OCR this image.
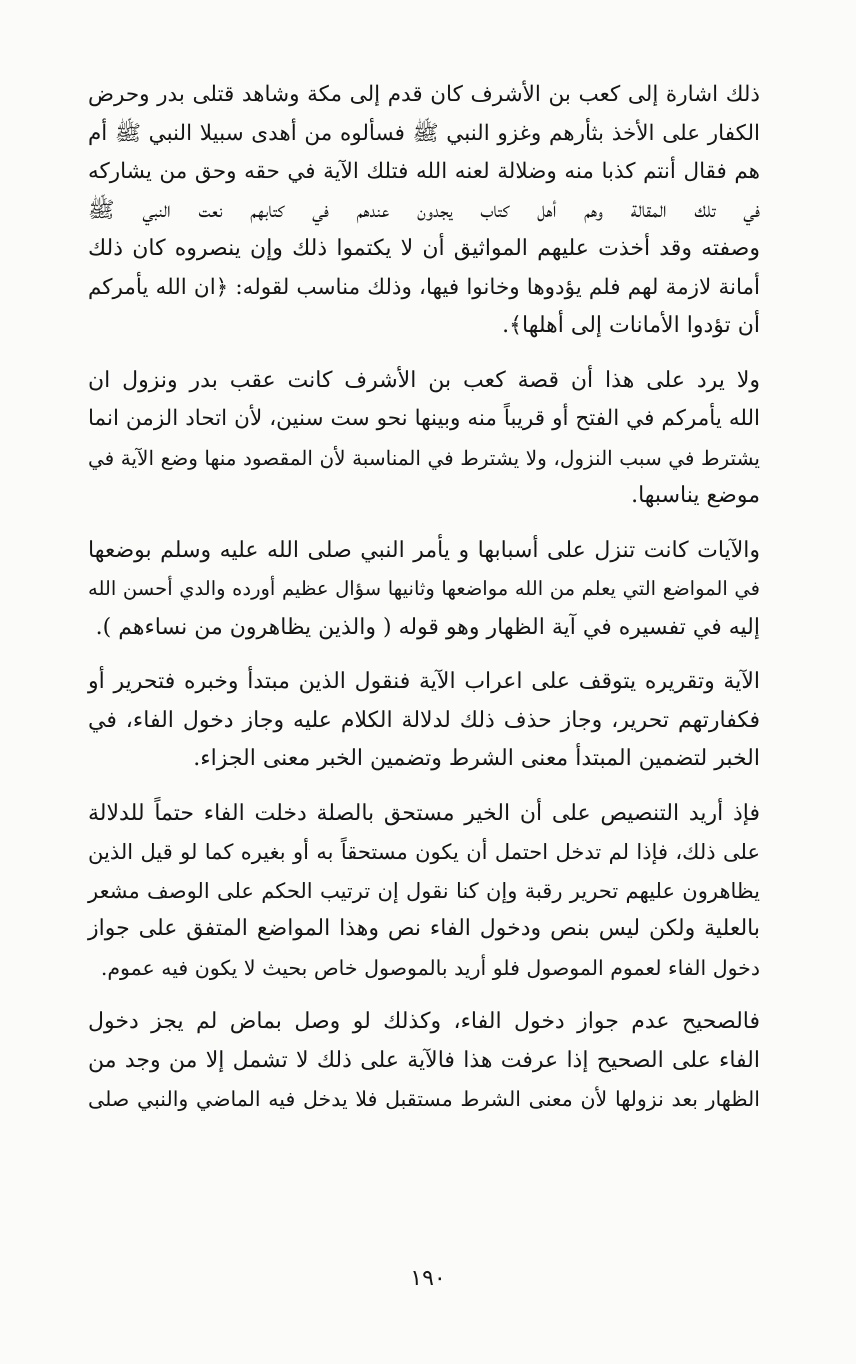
ذلك اشارة إلى كعب بن الأشرف كان قدم إلى مكة وشاهد قتلى بدر وحرض
الكفار على الأخذ بثأرهم وغزو النبي ﷺ فسألوه من أهدى سبيلا النبي ﷺ أم
هم فقال أنتم كذبا منه وضلالة لعنه الله فتلك الآية في حقه وحق من يشاركه
في تلك المقالة وهم أهل كتاب يجدون عندهم في كتابهم نعت النبي ﷺ
وصفته وقد أخذت عليهم المواثيق أن لا يكتموا ذلك وإن ينصروه كان ذلك
أمانة لازمة لهم فلم يؤدوها وخانوا فيها، وذلك مناسب لقوله: ﴿ان الله يأمركم
أن تؤدوا الأمانات إلى أهلها﴾.
ولا يرد على هذا أن قصة كعب بن الأشرف كانت عقب بدر ونزول ان
الله يأمركم في الفتح أو قريباً منه وبينها نحو ست سنين، لأن اتحاد الزمن انما
يشترط في سبب النزول، ولا يشترط في المناسبة لأن المقصود منها وضع الآية في
موضع يناسبها.
والآيات كانت تنزل على أسبابها و يأمر النبي صلى الله عليه وسلم بوضعها
في المواضع التي يعلم من الله مواضعها وثانيها سؤال عظيم أورده والدي أحسن الله
إليه في تفسيره في آية الظهار وهو قوله ( والذين يظاهرون من نساءهم ).
الآية وتقريره يتوقف على اعراب الآية فنقول الذين مبتدأ وخبره فتحرير أو
فكفارتهم تحرير، وجاز حذف ذلك لدلالة الكلام عليه وجاز دخول الفاء، في
الخبر لتضمين المبتدأ معنى الشرط وتضمين الخبر معنى الجزاء.
فإذ أريد التنصيص على أن الخير مستحق بالصلة دخلت الفاء حتماً للدلالة
على ذلك، فإذا لم تدخل احتمل أن يكون مستحقاً به أو بغيره كما لو قيل الذين
يظاهرون عليهم تحرير رقبة وإن كنا نقول إن ترتيب الحكم على الوصف مشعر
بالعلية ولكن ليس بنص ودخول الفاء نص وهذا المواضع المتفق على جواز
دخول الفاء لعموم الموصول فلو أريد بالموصول خاص بحيث لا يكون فيه عموم.
فالصحيح عدم جواز دخول الفاء، وكذلك لو وصل بماض لم يجز دخول
الفاء على الصحيح إذا عرفت هذا فالآية على ذلك لا تشمل إلا من وجد من
الظهار بعد نزولها لأن معنى الشرط مستقبل فلا يدخل فيه الماضي والنبي صلى
١٩٠
